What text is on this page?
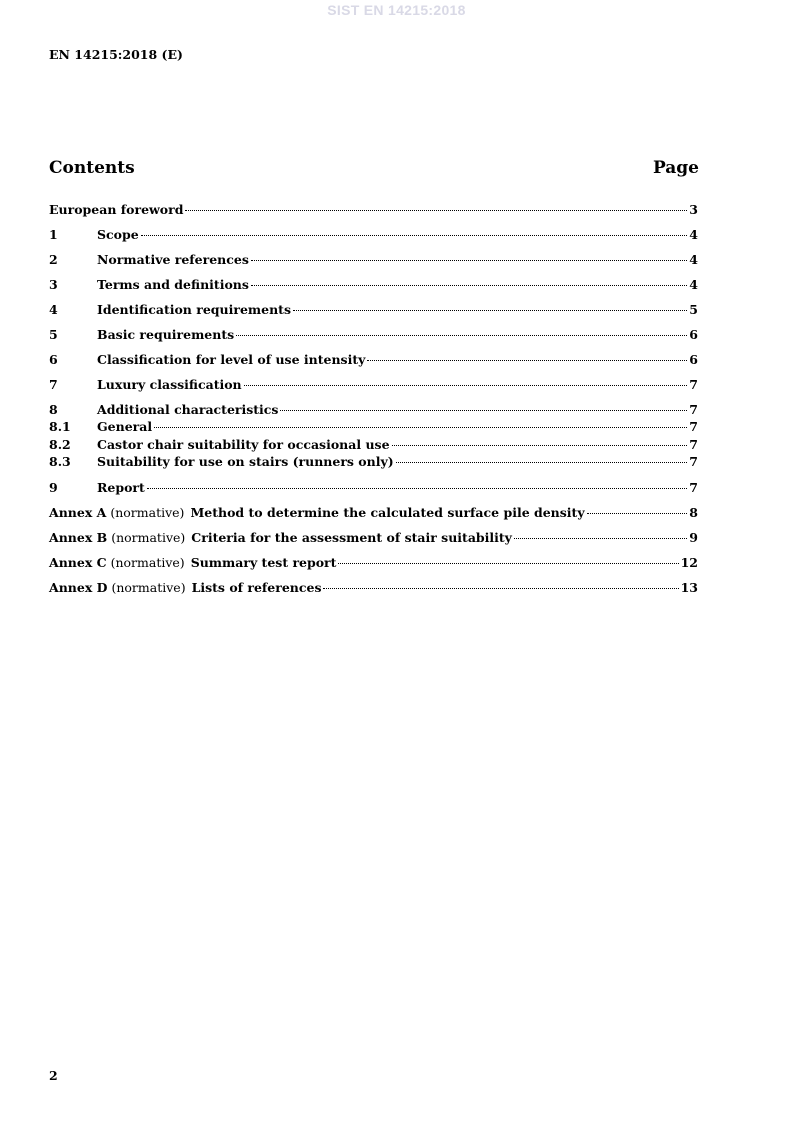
SIST EN 14215:2018
EN 14215:2018 (E)
Contents	Page
European foreword	3
1	Scope	4
2	Normative references	4
3	Terms and definitions	4
4	Identification requirements	5
5	Basic requirements	6
6	Classification for level of use intensity	6
7	Luxury classification	7
8	Additional characteristics	7
8.1	General	7
8.2	Castor chair suitability for occasional use	7
8.3	Suitability for use on stairs (runners only)	7
9	Report	7
Annex A (normative) Method to determine the calculated surface pile density	8
Annex B (normative) Criteria for the assessment of stair suitability	9
Annex C (normative) Summary test report	12
Annex D (normative) Lists of references	13
2
